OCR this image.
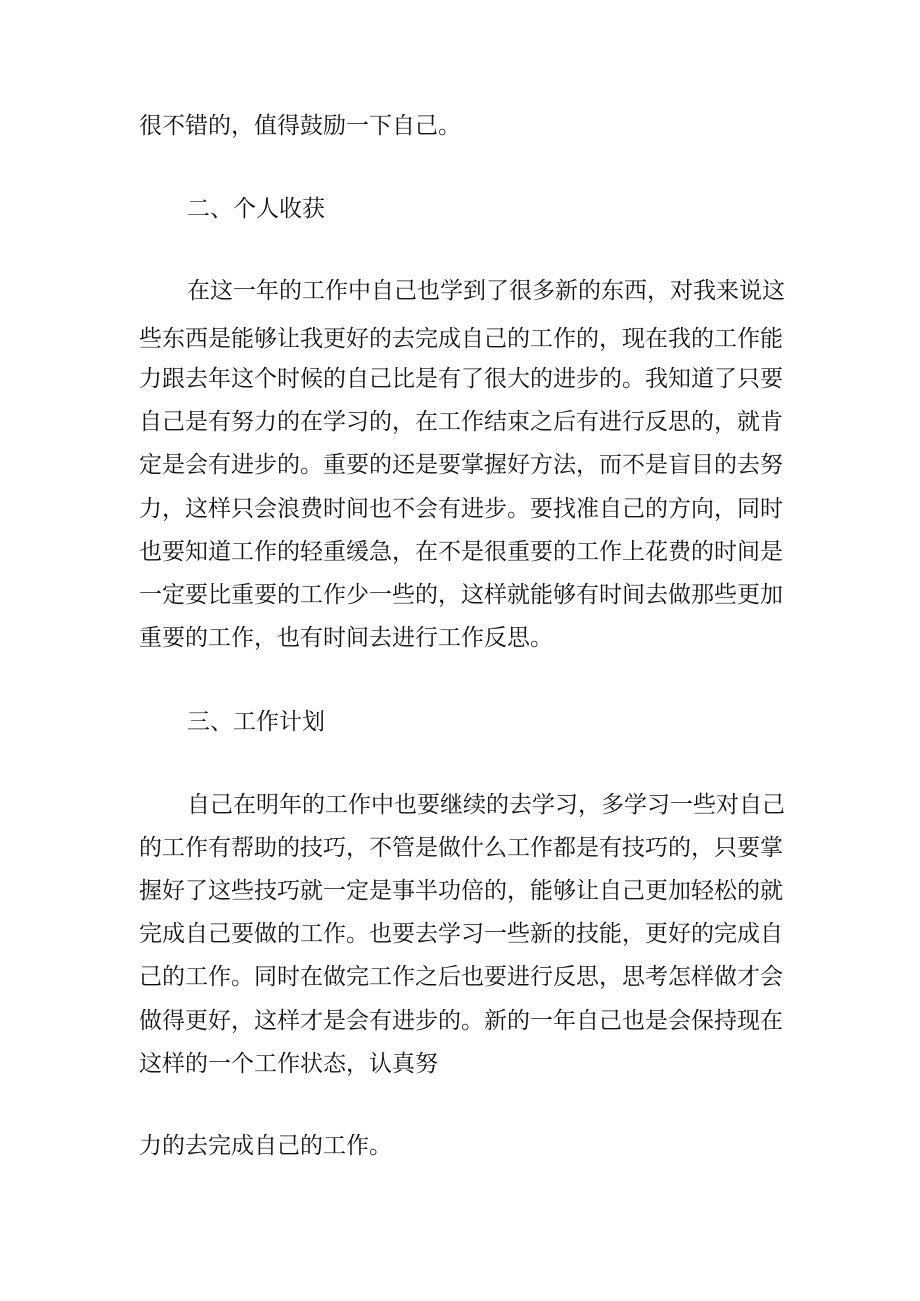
很不错的，值得鼓励一下自己。

二、个人收获

在这一年的工作中自己也学到了很多新的东西，对我来说这

些东西是能够让我更好的去完成自己的工作的，现在我的工作能

力跟去年这个时候的自己比是有了很大的进步的。我知道了只要

自己是有努力的在学习的，在工作结束之后有进行反思的，就肯

定是会有进步的。重要的还是要掌握好方法，而不是盲目的去努

力，这样只会浪费时间也不会有进步。要找准自己的方向，同时

也要知道工作的轻重缓急，在不是很重要的工作上花费的时间是

一定要比重要的工作少一些的，这样就能够有时间去做那些更加

重要的工作，也有时间去进行工作反思。

三、工作计划

自己在明年的工作中也要继续的去学习，多学习一些对自己

的工作有帮助的技巧，不管是做什么工作都是有技巧的，只要掌

握好了这些技巧就一定是事半功倍的，能够让自己更加轻松的就

完成自己要做的工作。也要去学习一些新的技能，更好的完成自

己的工作。同时在做完工作之后也要进行反思，思考怎样做才会

做得更好，这样才是会有进步的。新的一年自己也是会保持现在

这样的一个工作状态，认真努

力的去完成自己的工作。
